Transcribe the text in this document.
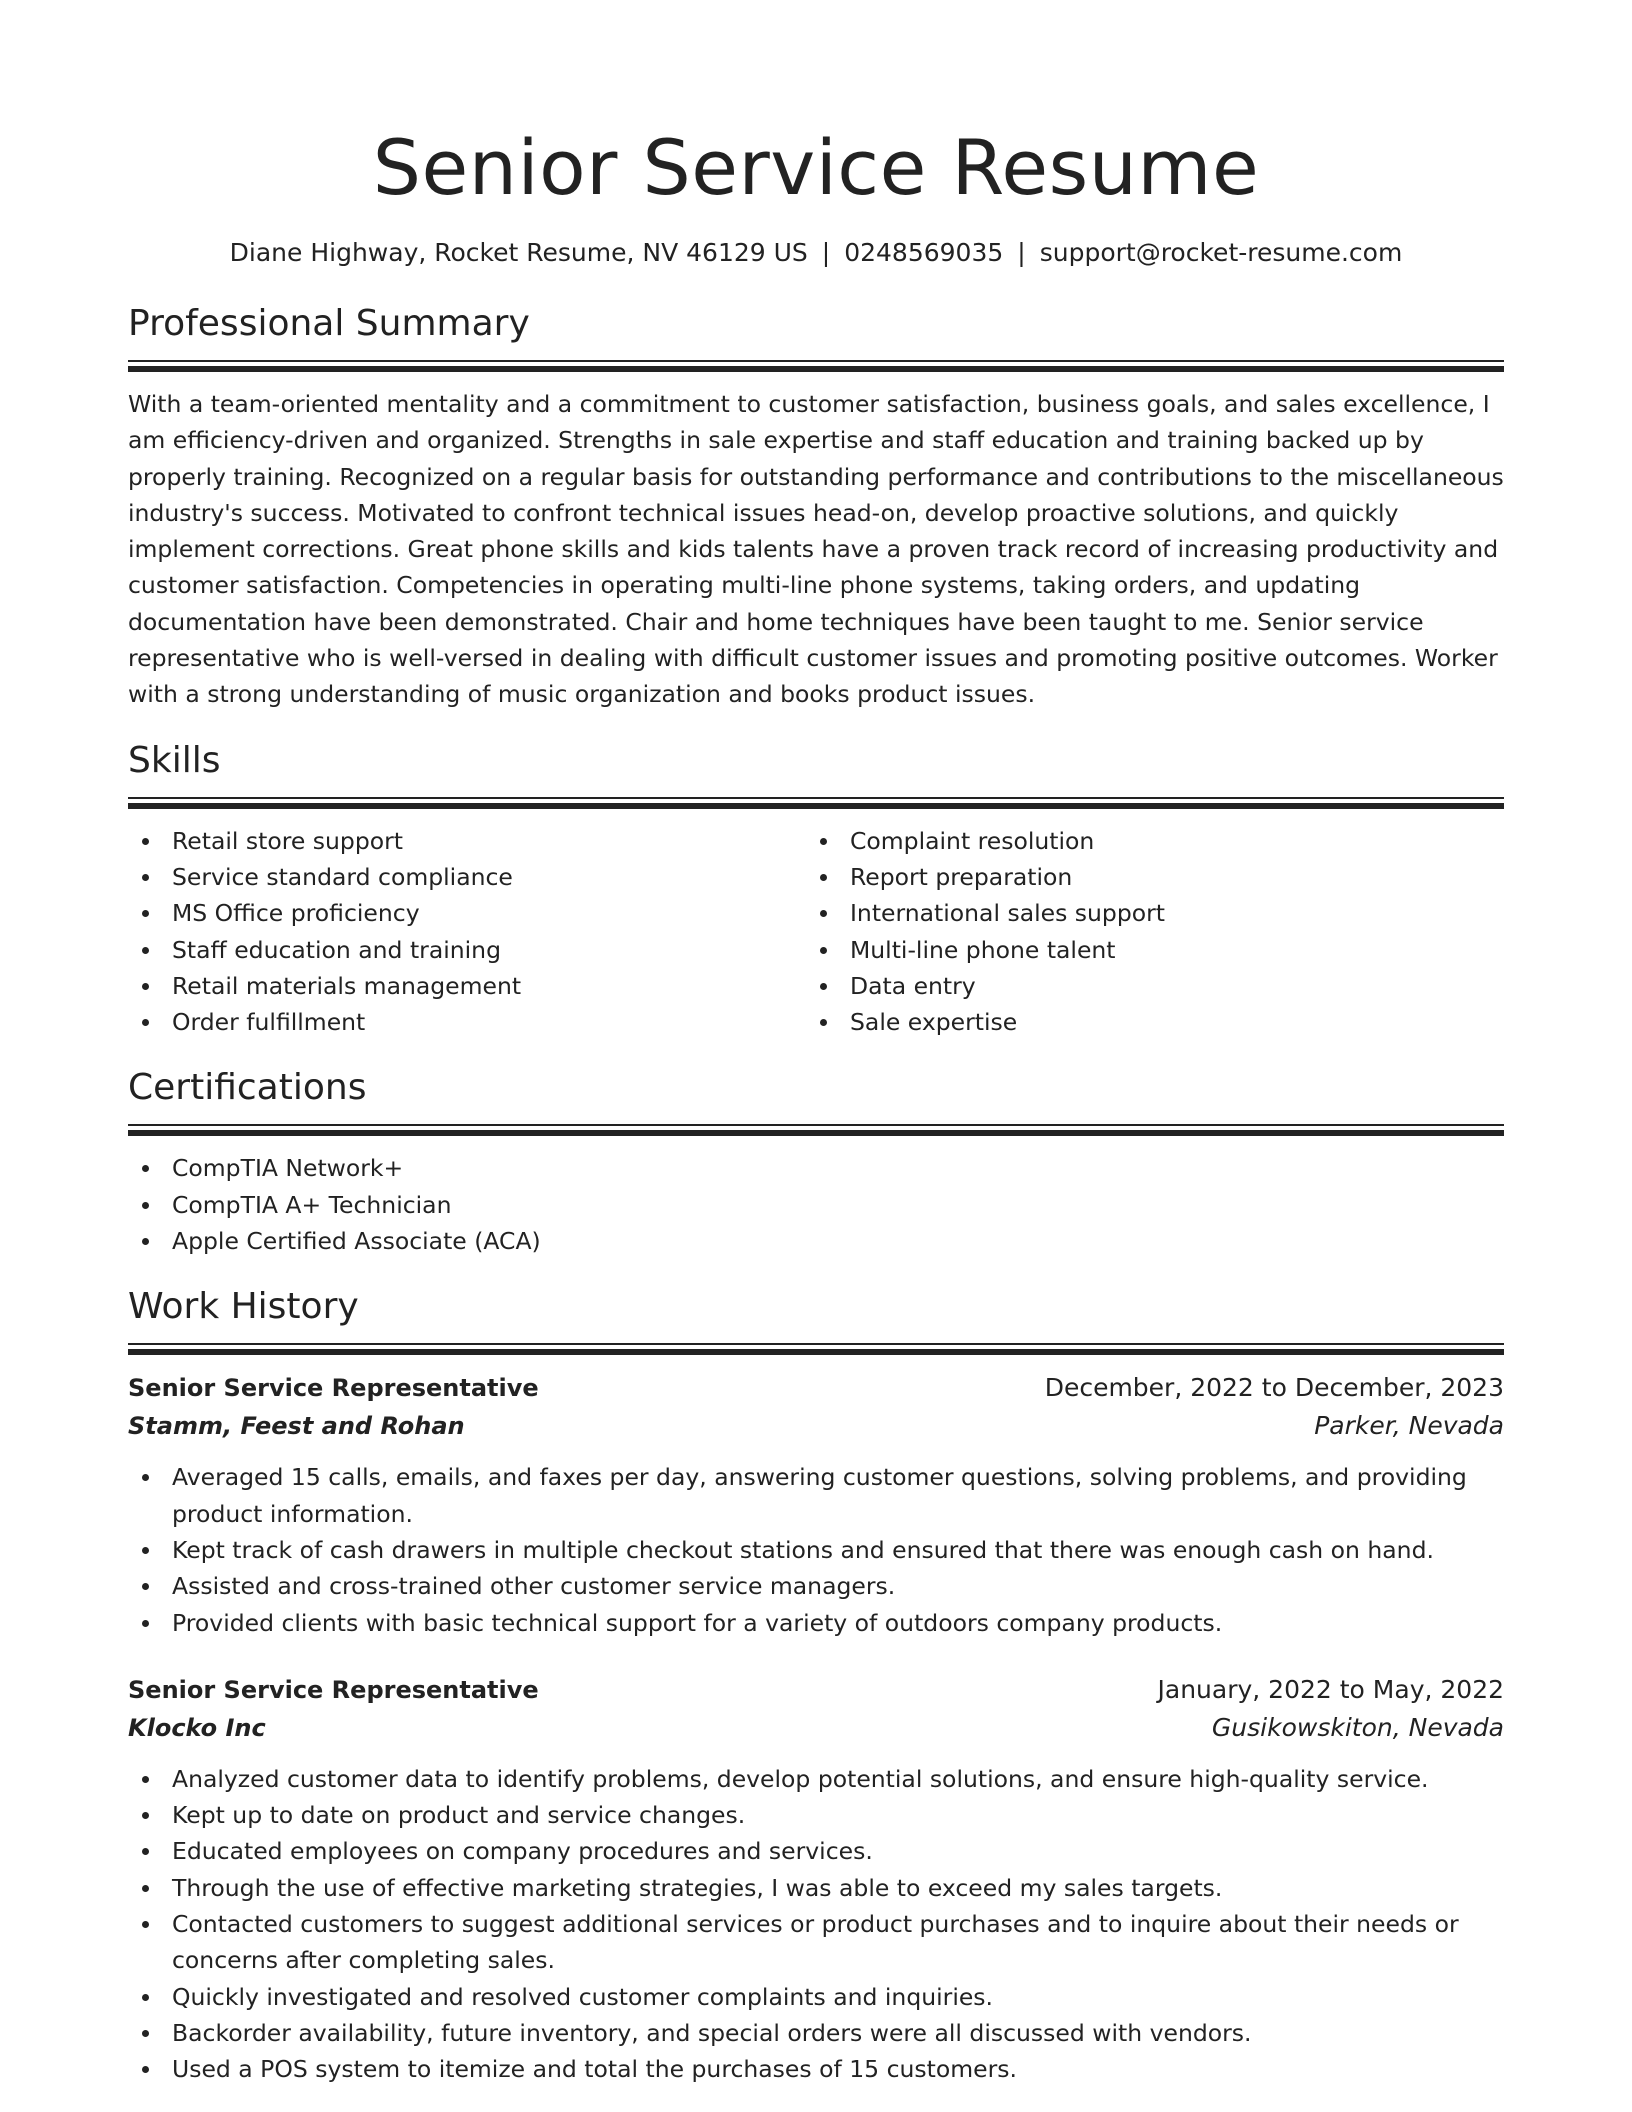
Senior Service Resume
Diane Highway, Rocket Resume, NV 46129 US | 0248569035 | support@rocket-resume.com
Professional Summary
With a team-oriented mentality and a commitment to customer satisfaction, business goals, and sales excellence, I am efficiency-driven and organized. Strengths in sale expertise and staff education and training backed up by properly training. Recognized on a regular basis for outstanding performance and contributions to the miscellaneous industry's success. Motivated to confront technical issues head-on, develop proactive solutions, and quickly implement corrections. Great phone skills and kids talents have a proven track record of increasing productivity and customer satisfaction. Competencies in operating multi-line phone systems, taking orders, and updating documentation have been demonstrated. Chair and home techniques have been taught to me. Senior service representative who is well-versed in dealing with difficult customer issues and promoting positive outcomes. Worker with a strong understanding of music organization and books product issues.
Skills
Retail store support
Service standard compliance
MS Office proficiency
Staff education and training
Retail materials management
Order fulfillment
Complaint resolution
Report preparation
International sales support
Multi-line phone talent
Data entry
Sale expertise
Certifications
CompTIA Network+
CompTIA A+ Technician
Apple Certified Associate (ACA)
Work History
Senior Service Representative	December, 2022 to December, 2023
Stamm, Feest and Rohan	Parker, Nevada
Averaged 15 calls, emails, and faxes per day, answering customer questions, solving problems, and providing product information.
Kept track of cash drawers in multiple checkout stations and ensured that there was enough cash on hand.
Assisted and cross-trained other customer service managers.
Provided clients with basic technical support for a variety of outdoors company products.
Senior Service Representative	January, 2022 to May, 2022
Klocko Inc	Gusikowskiton, Nevada
Analyzed customer data to identify problems, develop potential solutions, and ensure high-quality service.
Kept up to date on product and service changes.
Educated employees on company procedures and services.
Through the use of effective marketing strategies, I was able to exceed my sales targets.
Contacted customers to suggest additional services or product purchases and to inquire about their needs or concerns after completing sales.
Quickly investigated and resolved customer complaints and inquiries.
Backorder availability, future inventory, and special orders were all discussed with vendors.
Used a POS system to itemize and total the purchases of 15 customers.
